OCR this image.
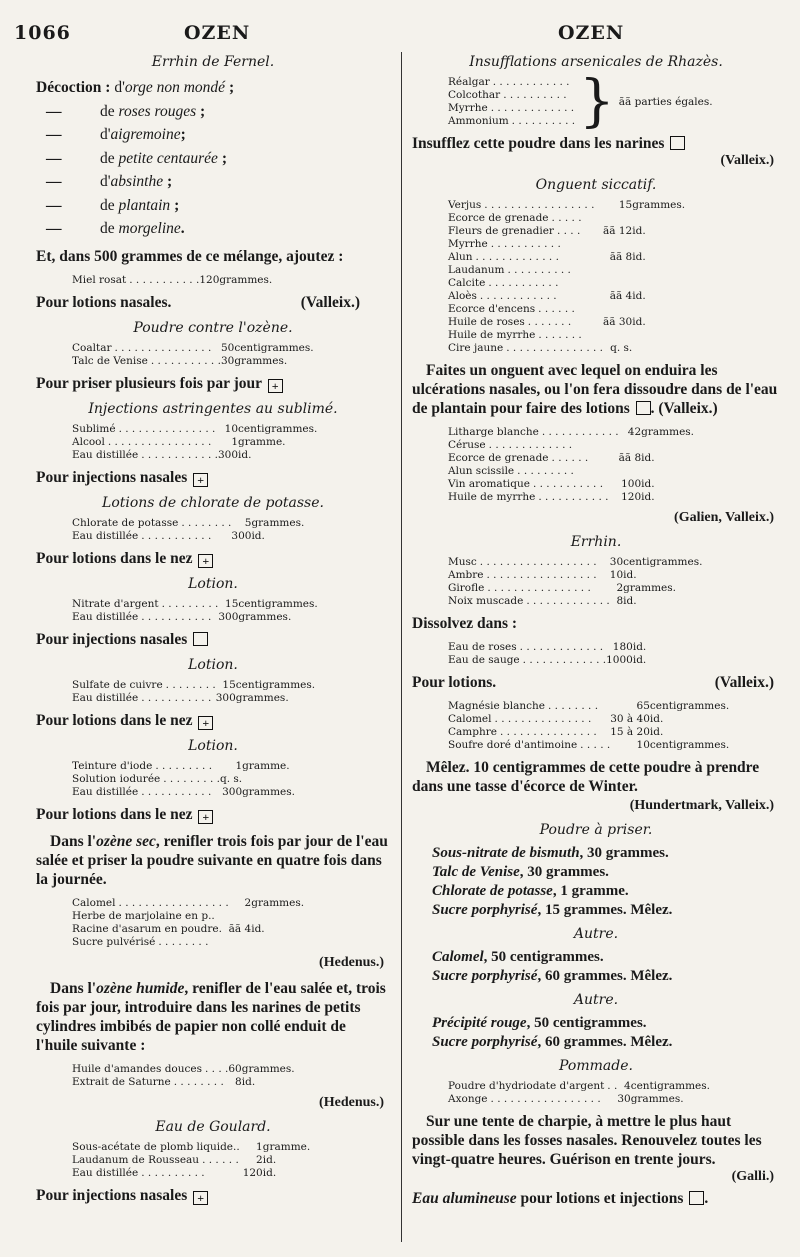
1066	OZEN	OZEN
Errhin de Fernel.
Décoction : d'orge non mondé ;
— de roses rouges ;
— d'aigremoine;
— de petite centaurée ;
— d'absinthe ;
— de plantain ;
— de morgeline.
Et, dans 500 grammes de ce mélange, ajoutez :
Miel rosat . . . . . . . . . . .	120	grammes.
Pour lotions nasales.	(Valleix.)
Poudre contre l'ozène.
Coaltar . . . . . . . . . . . . . . .	50	centigrammes.
Talc de Venise . . . . . . . . . . .	30	grammes.
Pour priser plusieurs fois par jour +
Injections astringentes au sublimé.
Sublimé . . . . . . . . . . . . . . .	10	centigrammes.
Alcool . . . . . . . . . . . . . . . .	1	gramme.
Eau distillée . . . . . . . . . . . .	300	id.
Pour injections nasales +
Lotions de chlorate de potasse.
Chlorate de potasse . . . . . . . .	5	grammes.
Eau distillée . . . . . . . . . . .	300	id.
Pour lotions dans le nez +
Lotion.
Nitrate d'argent . . . . . . . . .	15	centigrammes.
Eau distillée . . . . . . . . . . .	300	grammes.
Pour injections nasales
Lotion.
Sulfate de cuivre . . . . . . . .	15	centigrammes.
Eau distillée . . . . . . . . . . .	300	grammes.
Pour lotions dans le nez +
Lotion.
Teinture d'iode . . . . . . . . .	1	gramme.
Solution iodurée . . . . . . . . .	q. s.	
Eau distillée . . . . . . . . . . .	300	grammes.
Pour lotions dans le nez +
Dans l'ozène sec, renifler trois fois par jour de l'eau salée et priser la poudre suivante en quatre fois dans la journée.
Calomel . . . . . . . . . . . . . . . . .	2	grammes.
Herbe de marjolaine en p..		
Racine d'asarum en poudre.	ãã 4	id.
Sucre pulvérisé . . . . . . . .		
(Hedenus.)
Dans l'ozène humide, renifler de l'eau salée et, trois fois par jour, introduire dans les narines de petits cylindres imbibés de papier non collé enduit de l'huile suivante :
Huile d'amandes douces . . . .	60	grammes.
Extrait de Saturne . . . . . . . .	8	id.
(Hedenus.)
Eau de Goulard.
Sous-acétate de plomb liquide..	1	gramme.
Laudanum de Rousseau . . . . . .	2	id.
Eau distillée . . . . . . . . . .	120	id.
Pour injections nasales +
Insufflations arsenicales de Rhazès.
Réalgar . . . . . . . . . . . .
Colcothar . . . . . . . . . .
Myrrhe . . . . . . . . . . . . .
Ammonium . . . . . . . . . . } ãã parties égales.
Insufflez cette poudre dans les narines
(Valleix.)
Onguent siccatif.
Verjus . . . . . . . . . . . . . . . . .	15	grammes.
Ecorce de grenade . . . . .		
Fleurs de grenadier . . . .	ãã 12	id.
Myrrhe . . . . . . . . . . .		
Alun . . . . . . . . . . . . .	ãã 8	id.
Laudanum . . . . . . . . . .		
Calcite . . . . . . . . . . .		
Aloès . . . . . . . . . . . .	ãã 4	id.
Ecorce d'encens . . . . . .		
Huile de roses . . . . . . .	ãã 30	id.
Huile de myrrhe . . . . . . .		
Cire jaune . . . . . . . . . . . . . . .	q. s.	
Faites un onguent avec lequel on enduira les ulcérations nasales, ou l'on fera dissoudre dans de l'eau de plantain pour faire des lotions . (Valleix.)
Litharge blanche . . . . . . . . . . . .	42	grammes.
Céruse . . . . . . . . . . . . .		
Ecorce de grenade . . . . . .	ãã 8	id.
Alun scissile . . . . . . . . .		
Vin aromatique . . . . . . . . . . .	100	id.
Huile de myrrhe . . . . . . . . . . .	120	id.
(Galien, Valleix.)
Errhin.
Musc . . . . . . . . . . . . . . . . . .	30	centigrammes.
Ambre . . . . . . . . . . . . . . . . .	10	id.
Girofle . . . . . . . . . . . . . . . .	2	grammes.
Noix muscade . . . . . . . . . . . . .	8	id.
Dissolvez dans :
Eau de roses . . . . . . . . . . . . .	180	id.
Eau de sauge . . . . . . . . . . . . .	1000	id.
Pour lotions.	(Valleix.)
Magnésie blanche . . . . . . . .	65	centigrammes.
Calomel . . . . . . . . . . . . . . .	30 à 40	id.
Camphre . . . . . . . . . . . . . . .	15 à 20	id.
Soufre doré d'antimoine . . . . .	10	centigrammes.
Mêlez. 10 centigrammes de cette poudre à prendre dans une tasse d'écorce de Winter.
(Hundertmark, Valleix.)
Poudre à priser.
Sous-nitrate de bismuth, 30 grammes.
Talc de Venise, 30 grammes.
Chlorate de potasse, 1 gramme.
Sucre porphyrisé, 15 grammes. Mêlez.
Autre.
Calomel, 50 centigrammes.
Sucre porphyrisé, 60 grammes. Mêlez.
Autre.
Précipité rouge, 50 centigrammes.
Sucre porphyrisé, 60 grammes. Mêlez.
Pommade.
Poudre d'hydriodate d'argent . .	4	centigrammes.
Axonge . . . . . . . . . . . . . . . . .	30	grammes.
Sur une tente de charpie, à mettre le plus haut possible dans les fosses nasales. Renouvelez toutes les vingt-quatre heures. Guérison en trente jours.
(Galli.)
Eau alumineuse pour lotions et injections .
